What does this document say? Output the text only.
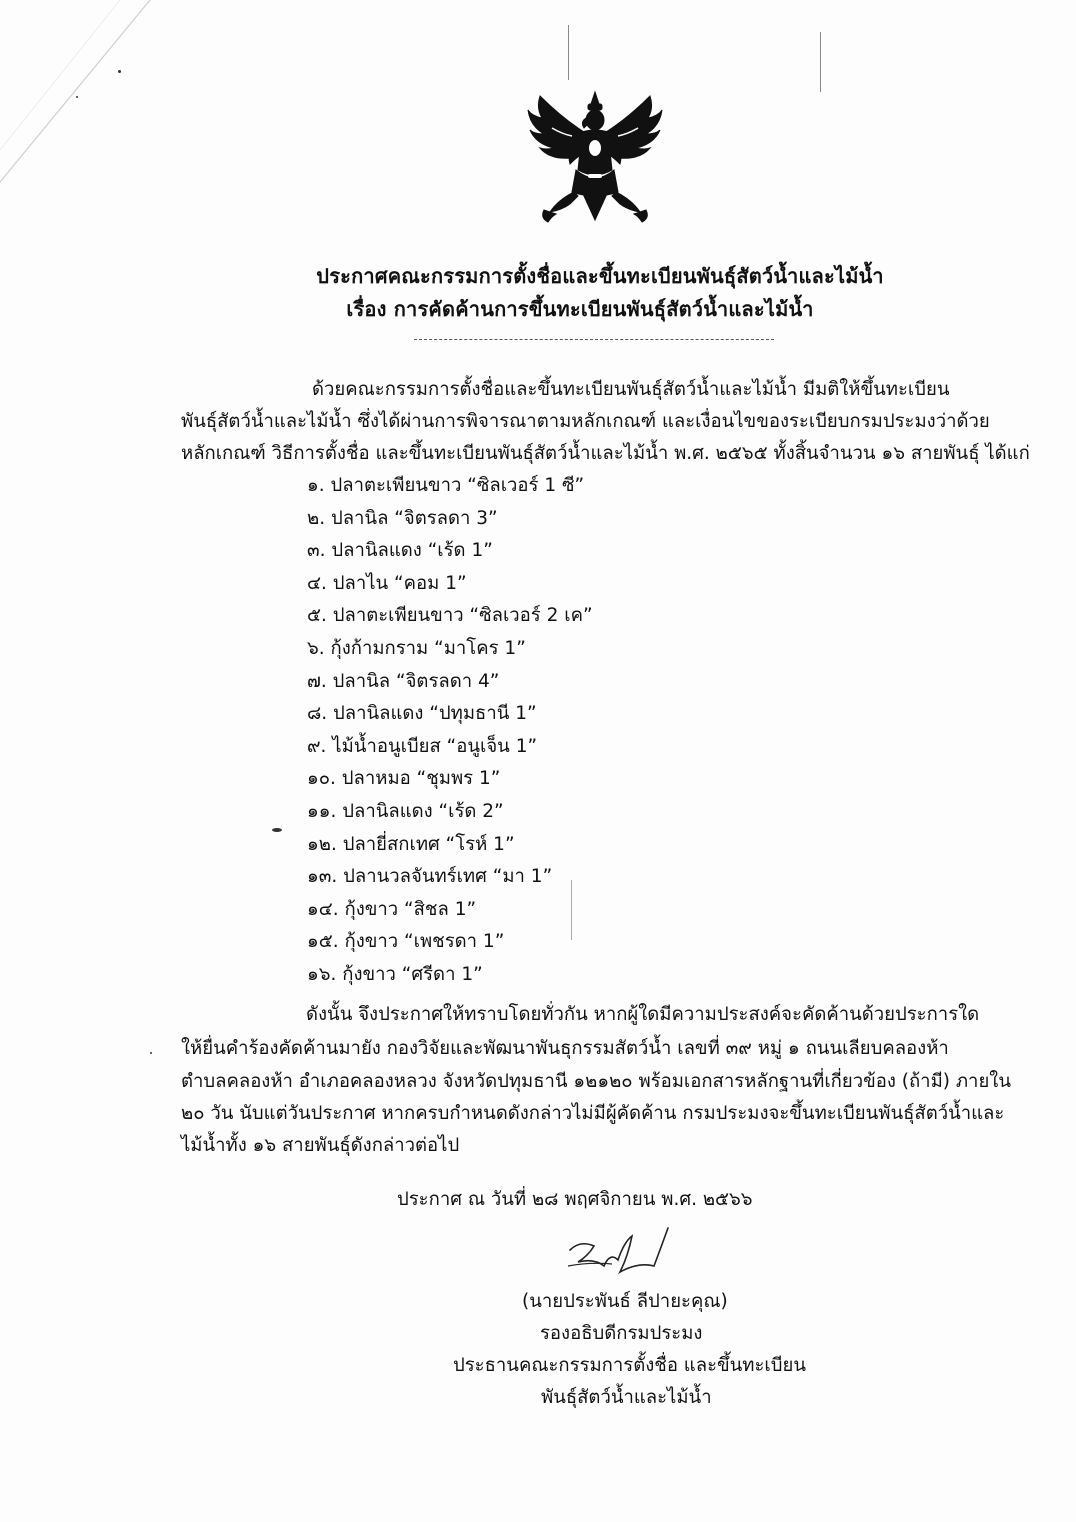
ประกาศคณะกรรมการตั้งชื่อและขึ้นทะเบียนพันธุ์สัตว์น้ำและไม้น้ำ
เรื่อง การคัดค้านการขึ้นทะเบียนพันธุ์สัตว์น้ำและไม้น้ำ
ด้วยคณะกรรมการตั้งชื่อและขึ้นทะเบียนพันธุ์สัตว์น้ำและไม้น้ำ มีมติให้ขึ้นทะเบียน
พันธุ์สัตว์น้ำและไม้น้ำ ซึ่งได้ผ่านการพิจารณาตามหลักเกณฑ์ และเงื่อนไขของระเบียบกรมประมงว่าด้วย
หลักเกณฑ์ วิธีการตั้งชื่อ และขึ้นทะเบียนพันธุ์สัตว์น้ำและไม้น้ำ พ.ศ. ๒๕๖๕ ทั้งสิ้นจำนวน ๑๖ สายพันธุ์ ได้แก่
๑. ปลาตะเพียนขาว “ซิลเวอร์ 1 ซี”
๒. ปลานิล “จิตรลดา 3”
๓. ปลานิลแดง “เร้ด 1”
๔. ปลาไน “คอม 1”
๕. ปลาตะเพียนขาว “ซิลเวอร์ 2 เค”
๖. กุ้งก้ามกราม “มาโคร 1”
๗. ปลานิล “จิตรลดา 4”
๘. ปลานิลแดง “ปทุมธานี 1”
๙. ไม้น้ำอนูเบียส “อนูเจ็น 1”
๑๐. ปลาหมอ “ชุมพร 1”
๑๑. ปลานิลแดง “เร้ด 2”
๑๒. ปลายี่สกเทศ “โรห์ 1”
๑๓. ปลานวลจันทร์เทศ “มา 1”
๑๔. กุ้งขาว “สิชล 1”
๑๕. กุ้งขาว “เพชรดา 1”
๑๖. กุ้งขาว “ศรีดา 1”
ดังนั้น จึงประกาศให้ทราบโดยทั่วกัน หากผู้ใดมีความประสงค์จะคัดค้านด้วยประการใด
ให้ยื่นคำร้องคัดค้านมายัง กองวิจัยและพัฒนาพันธุกรรมสัตว์น้ำ เลขที่ ๓๙ หมู่ ๑ ถนนเลียบคลองห้า
ตำบลคลองห้า อำเภอคลองหลวง จังหวัดปทุมธานี ๑๒๑๒๐ พร้อมเอกสารหลักฐานที่เกี่ยวข้อง (ถ้ามี) ภายใน
๒๐ วัน นับแต่วันประกาศ หากครบกำหนดดังกล่าวไม่มีผู้คัดค้าน กรมประมงจะขึ้นทะเบียนพันธุ์สัตว์น้ำและ
ไม้น้ำทั้ง ๑๖ สายพันธุ์ดังกล่าวต่อไป
ประกาศ ณ วันที่ ๒๘ พฤศจิกายน พ.ศ. ๒๕๖๖
(นายประพันธ์ ลีปายะคุณ)
รองอธิบดีกรมประมง
ประธานคณะกรรมการตั้งชื่อ และขึ้นทะเบียน
พันธุ์สัตว์น้ำและไม้น้ำ
